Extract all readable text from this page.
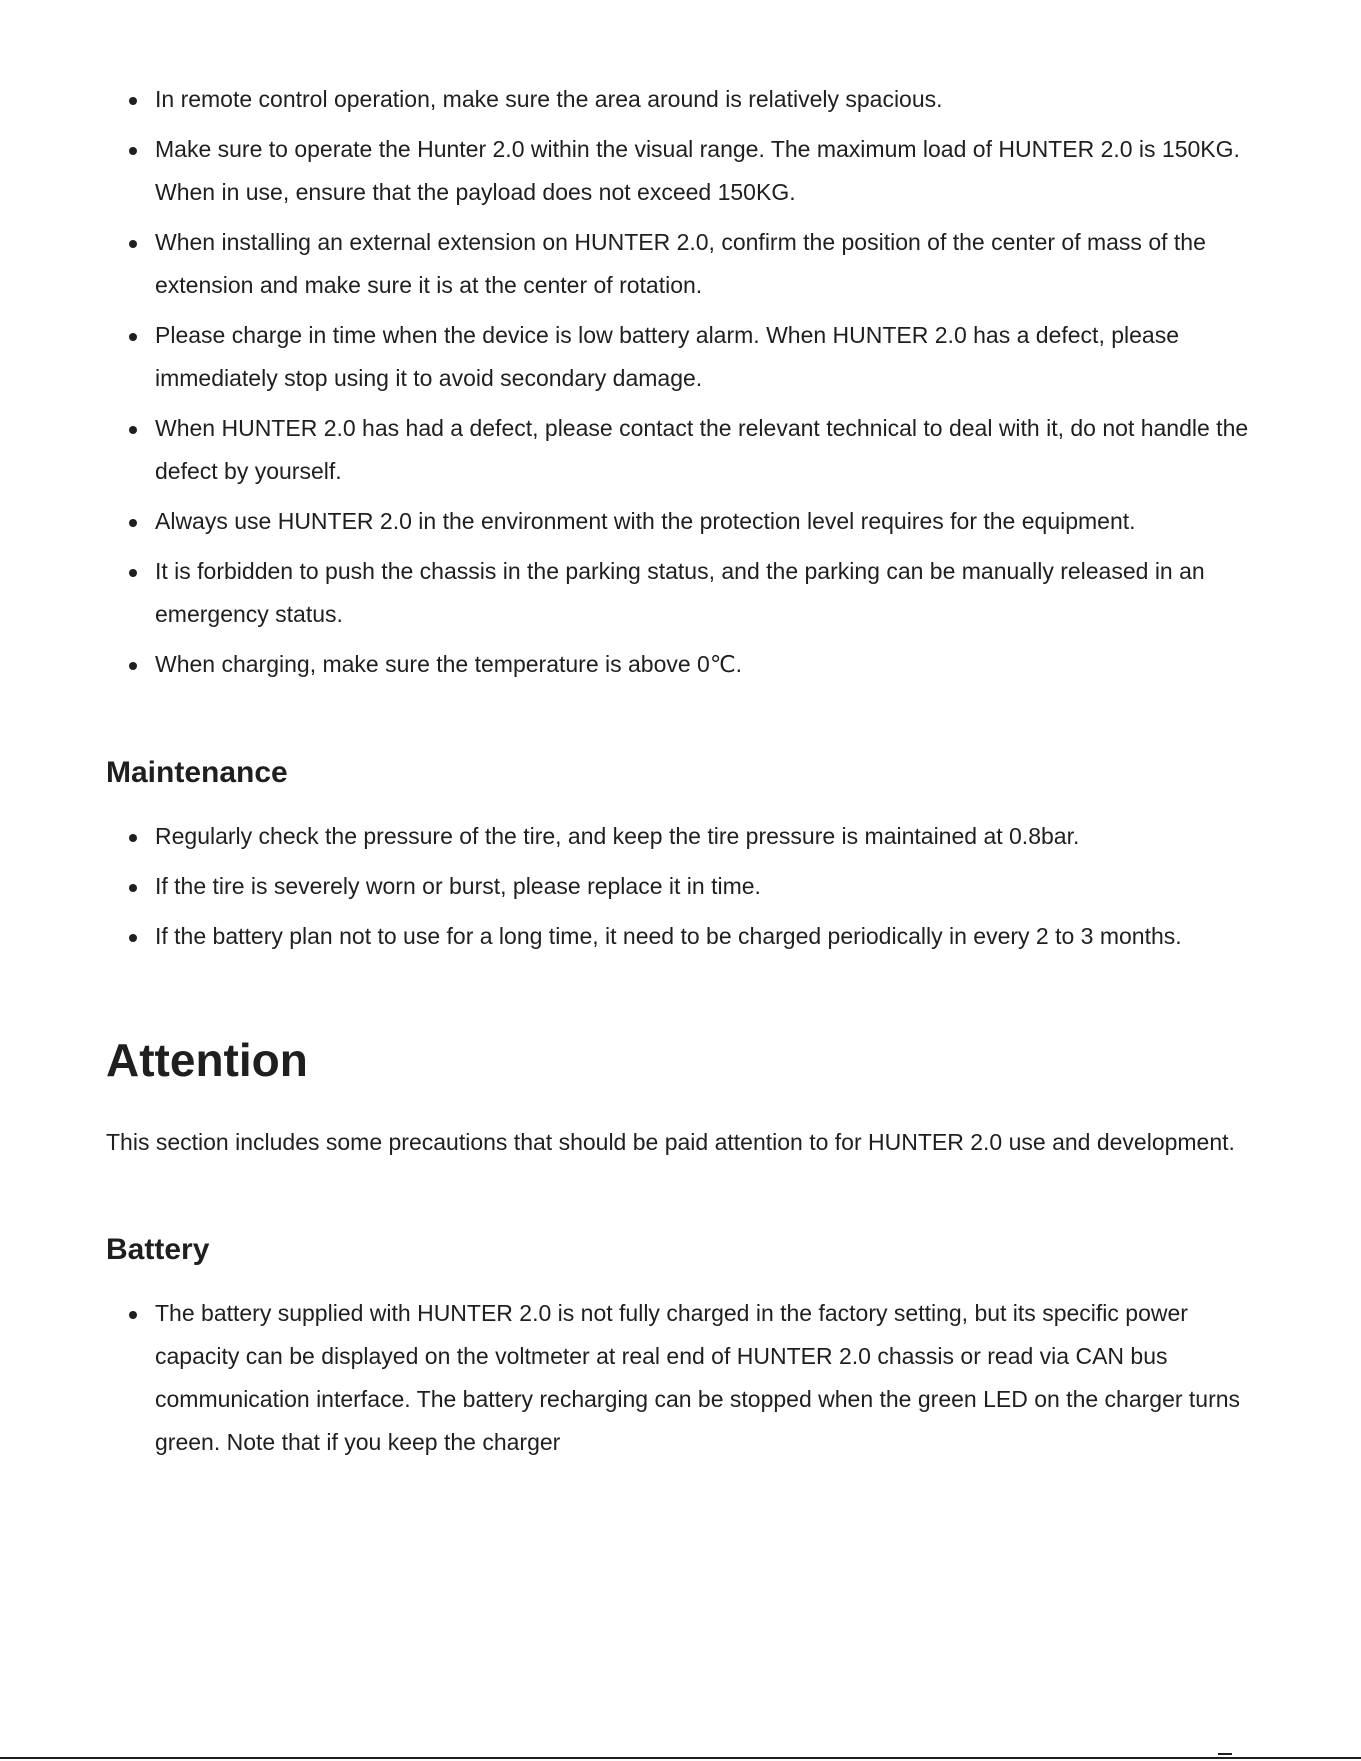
In remote control operation, make sure the area around is relatively spacious.
Make sure to operate the Hunter 2.0 within the visual range. The maximum load of HUNTER 2.0 is 150KG. When in use, ensure that the payload does not exceed 150KG.
When installing an external extension on HUNTER 2.0, confirm the position of the center of mass of the extension and make sure it is at the center of rotation.
Please charge in time when the device is low battery alarm. When HUNTER 2.0 has a defect, please immediately stop using it to avoid secondary damage.
When HUNTER 2.0 has had a defect, please contact the relevant technical to deal with it, do not handle the defect by yourself.
Always use HUNTER 2.0 in the environment with the protection level requires for the equipment.
It is forbidden to push the chassis in the parking status, and the parking can be manually released in an emergency status.
When charging, make sure the temperature is above 0℃.
Maintenance
Regularly check the pressure of the tire, and keep the tire pressure is maintained at 0.8bar.
If the tire is severely worn or burst, please replace it in time.
If the battery plan not to use for a long time, it need to be charged periodically in every 2 to 3 months.
Attention

This section includes some precautions that should be paid attention to for HUNTER 2.0 use and development.

Battery
The battery supplied with HUNTER 2.0 is not fully charged in the factory setting, but its specific power capacity can be displayed on the voltmeter at real end of HUNTER 2.0 chassis or read via CAN bus communication interface. The battery recharging can be stopped when the green LED on the charger turns green. Note that if you keep the charger
